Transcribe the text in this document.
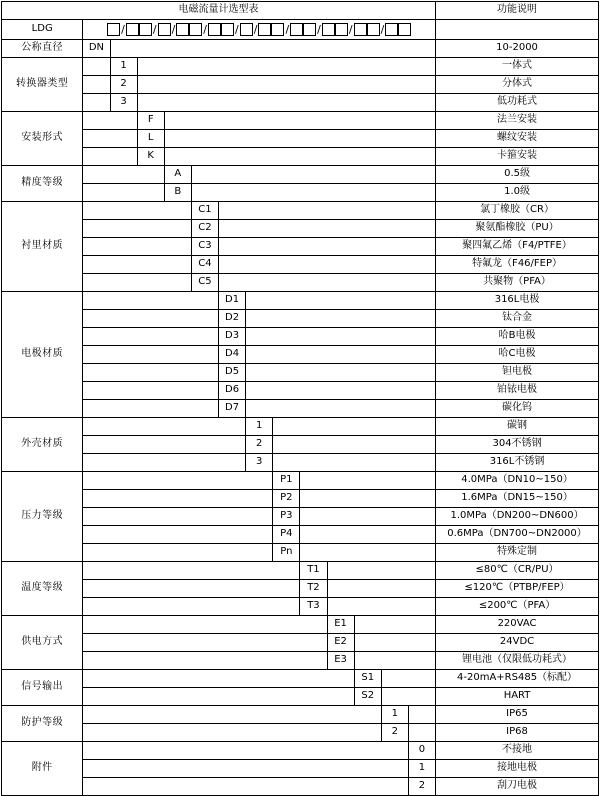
电磁流量计选型表														功能说明
LDG	/ / / / / / / / / /													
公称直径	DN													10-2000
转换器类型		1												一体式
		2												分体式
		3												低功耗式
安装形式			F											法兰安装
			L											螺纹安装
			K											卡箍安装
精度等级				A										0.5级
				B										1.0级
衬里材质					C1									氯丁橡胶（CR）
					C2									聚氨酯橡胶（PU）
					C3									聚四氟乙烯（F4/PTFE）
					C4									特氟龙（F46/FEP）
					C5									共聚物（PFA）
电极材质						D1								316L电极
						D2								钛合金
						D3								哈B电极
						D4								哈C电极
						D5								钽电极
						D6								铂铱电极
						D7								碳化钨
外壳材质							1							碳钢
							2							304不锈钢
							3							316L不锈钢
压力等级								P1						4.0MPa（DN10~150）
								P2						1.6MPa（DN15~150）
								P3						1.0MPa（DN200~DN600）
								P4						0.6MPa（DN700~DN2000）
								Pn						特殊定制
温度等级									T1					≤80℃（CR/PU）
									T2					≤120℃（PTBP/FEP）
									T3					≤200℃（PFA）
供电方式										E1				220VAC
										E2				24VDC
										E3				锂电池（仅限低功耗式）
信号输出											S1			4-20mA+RS485（标配）
											S2			HART
防护等级												1		IP65
												2		IP68
附件													0	不接地
													1	接地电极
													2	刮刀电极
